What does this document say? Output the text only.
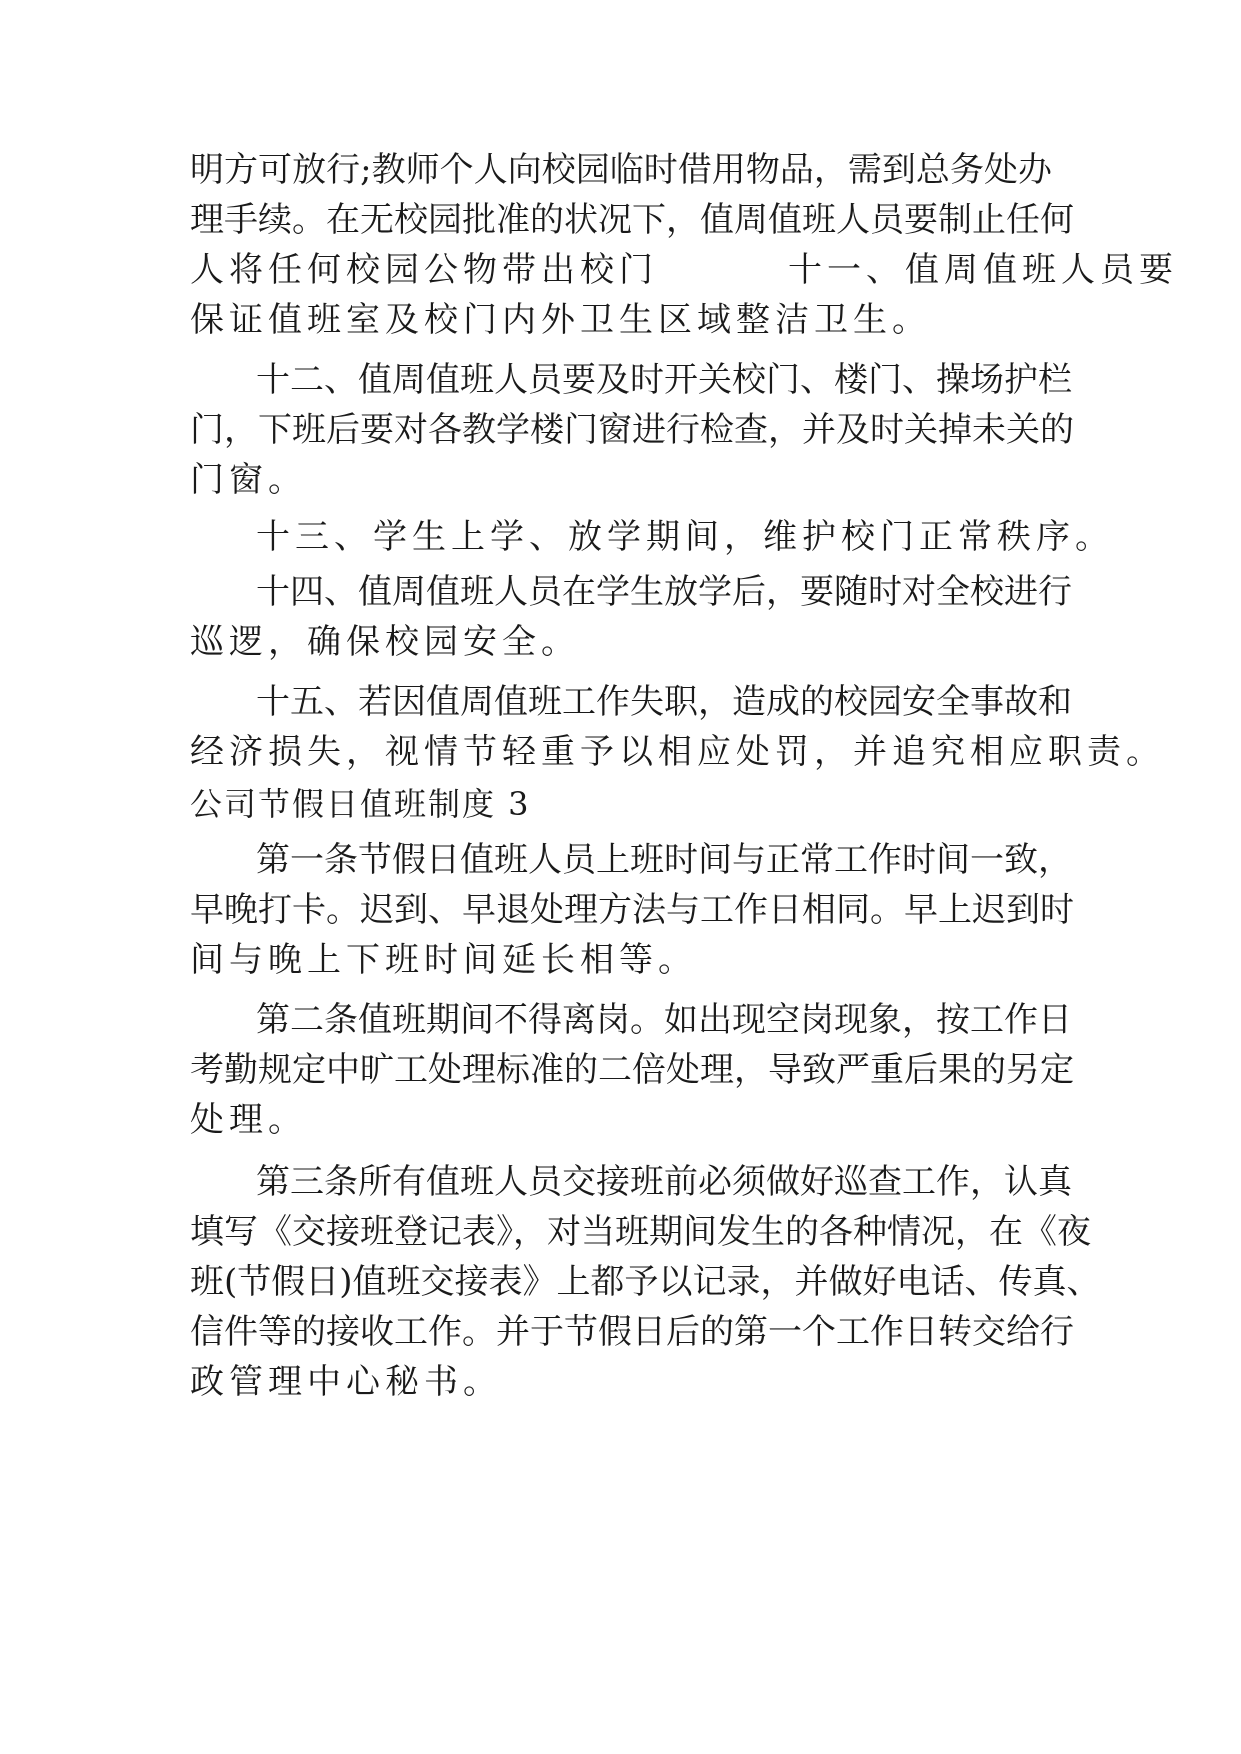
明方可放行;教师个人向校园临时借用物品，需到总务处办
理手续。在无校园批准的状况下，值周值班人员要制止任何
人将任何校园公物带出校门	十一、值周值班人员要
保证值班室及校门内外卫生区域整洁卫生。
十二、值周值班人员要及时开关校门、楼门、操场护栏
门，下班后要对各教学楼门窗进行检查，并及时关掉未关的
门窗。
十三、学生上学、放学期间，维护校门正常秩序。
十四、值周值班人员在学生放学后，要随时对全校进行
巡逻，确保校园安全。
十五、若因值周值班工作失职，造成的校园安全事故和
经济损失，视情节轻重予以相应处罚，并追究相应职责。
公司节假日值班制度 3
第一条节假日值班人员上班时间与正常工作时间一致，
早晚打卡。迟到、早退处理方法与工作日相同。早上迟到时
间与晚上下班时间延长相等。
第二条值班期间不得离岗。如出现空岗现象，按工作日
考勤规定中旷工处理标准的二倍处理，导致严重后果的另定
处理。
第三条所有值班人员交接班前必须做好巡查工作，认真
填写《交接班登记表》，对当班期间发生的各种情况，在《夜
班(节假日)值班交接表》上都予以记录，并做好电话、传真、
信件等的接收工作。并于节假日后的第一个工作日转交给行
政管理中心秘书。
